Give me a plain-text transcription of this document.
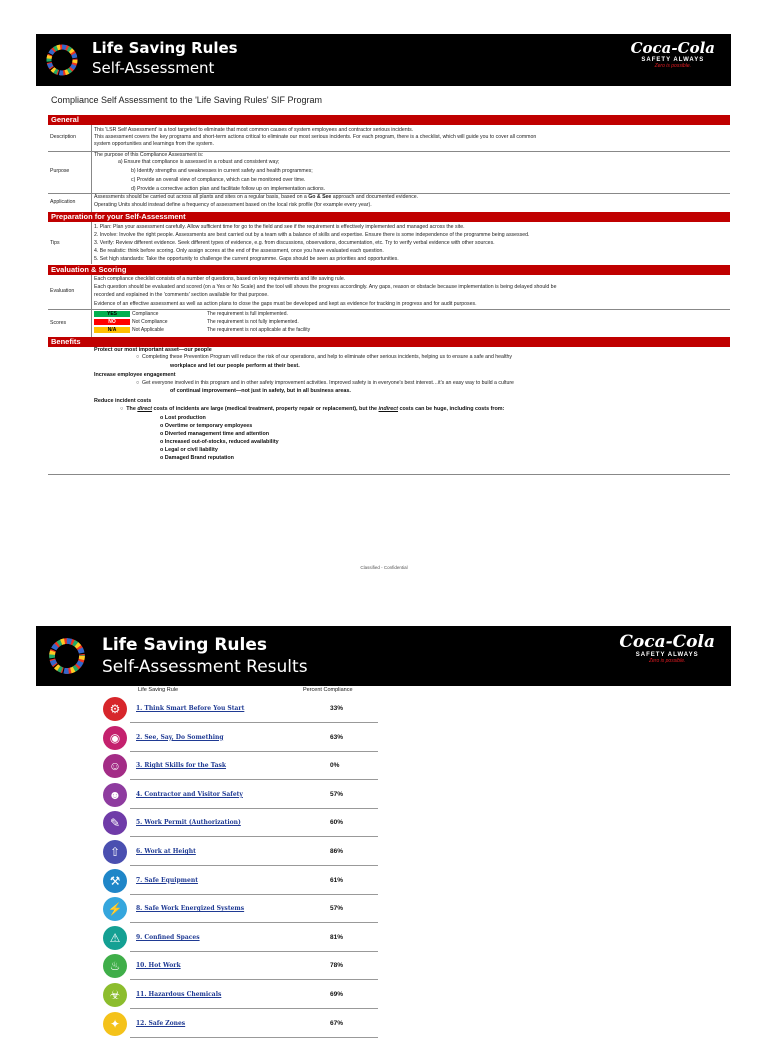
Life Saving Rules
Self-Assessment
Coca-Cola
SAFETY ALWAYS
Zero is possible.
Compliance Self Assessment to the 'Life Saving Rules' SIF Program
General
Description
This 'LSR Self Assessment' is a tool targeted to eliminate that most common causes of system employees and contractor serious incidents.
This assessment covers the key programs and short-term actions critical to eliminate our most serious incidents. For each program, there is a checklist, which will guide you to cover all common
system opportunities and learnings from the system.
Purpose
The purpose of this Compliance Assessment is:
a) Ensure that compliance is assessed in a robust and consistent way;
b) Identify strengths and weaknesses in current safety and health programmes;
c) Provide an overall view of compliance, which can be monitored over time.
d) Provide a corrective action plan and facilitate follow up on implementation actions.
Application
Assessments should be carried out across all plants and sites on a regular basis, based on a Go & See approach and documented evidence.
Operating Units should instead define a frequency of assessment based on the local risk profile (for example every year).
Preparation for your Self-Assessment
Tips
1. Plan: Plan your assessment carefully. Allow sufficient time for go to the field and see if the requirement is effectively implemented and managed across the site.
2. Involve: Involve the right people. Assessments are best carried out by a team with a balance of skills and expertise. Ensure there is some independence of the programme being assessed.
3. Verify: Review different evidence. Seek different types of evidence, e.g. from discussions, observations, documentation, etc. Try to verify verbal evidence with other sources.
4. Be realistic: think before scoring. Only assign scores at the end of the assessment, once you have evaluated each question.
5. Set high standards: Take the opportunity to challenge the current programme. Gaps should be seen as priorities and opportunities.
Evaluation & Scoring
Evaluation
Each compliance checklist consists of a number of questions, based on key requirements and life saving rule.
Each question should be evaluated and scored (on a Yes or No Scale) and the tool will shows the progress accordingly. Any gaps, reason or obstacle because implementation is being delayed should be
recorded and explained in the 'comments' section available for that purpose.
Evidence of an effective assessment as well as action plans to close the gaps must be developed and kept as evidence for tracking in progress and for audit purposes.
Scores
YES	Compliance	The requirement is full implemented.
NO	Not Compliance	The requirement is not fully implemented.
N/A	Not Applicable	The requirement is not applicable at the facility
Benefits
Protect our most important asset—our people
○  Completing these Prevention Program will reduce the risk of our operations, and help to eliminate other serious incidents, helping us to ensure a safe and healthy
workplace and let our people perform at their best.
Increase employee engagement
○  Get everyone involved in this program and in other safety improvement activities. Improved safety is in everyone's best interest…it's an easy way to build a culture
of continual improvement—not just in safety, but in all business areas.
Reduce incident costs
○  The direct costs of incidents are large (medical treatment, property repair or replacement), but the indirect costs can be huge, including costs from:
o Lost production
o Overtime or temporary employees
o Diverted management time and attention
o Increased out-of-stocks, reduced availability
o Legal or civil liability
o Damaged Brand reputation
Classified - Confidential
Life Saving Rules
Self-Assessment Results
Coca-Cola
SAFETY ALWAYS
Zero is possible.
Life Saving Rule	Percent Compliance
⚙	1. Think Smart Before You Start	33%
◉	2. See, Say, Do Something	63%
☺	3. Right Skills for the Task	0%
☻	4. Contractor and Visitor Safety	57%
✎	5. Work Permit (Authorization)	60%
⇧	6. Work at Height	86%
⚒	7. Safe Equipment	61%
⚡	8. Safe Work Energized Systems	57%
⚠	9. Confined Spaces	81%
♨	10. Hot Work	78%
☣	11. Hazardous Chemicals	69%
✦	12. Safe Zones	67%
